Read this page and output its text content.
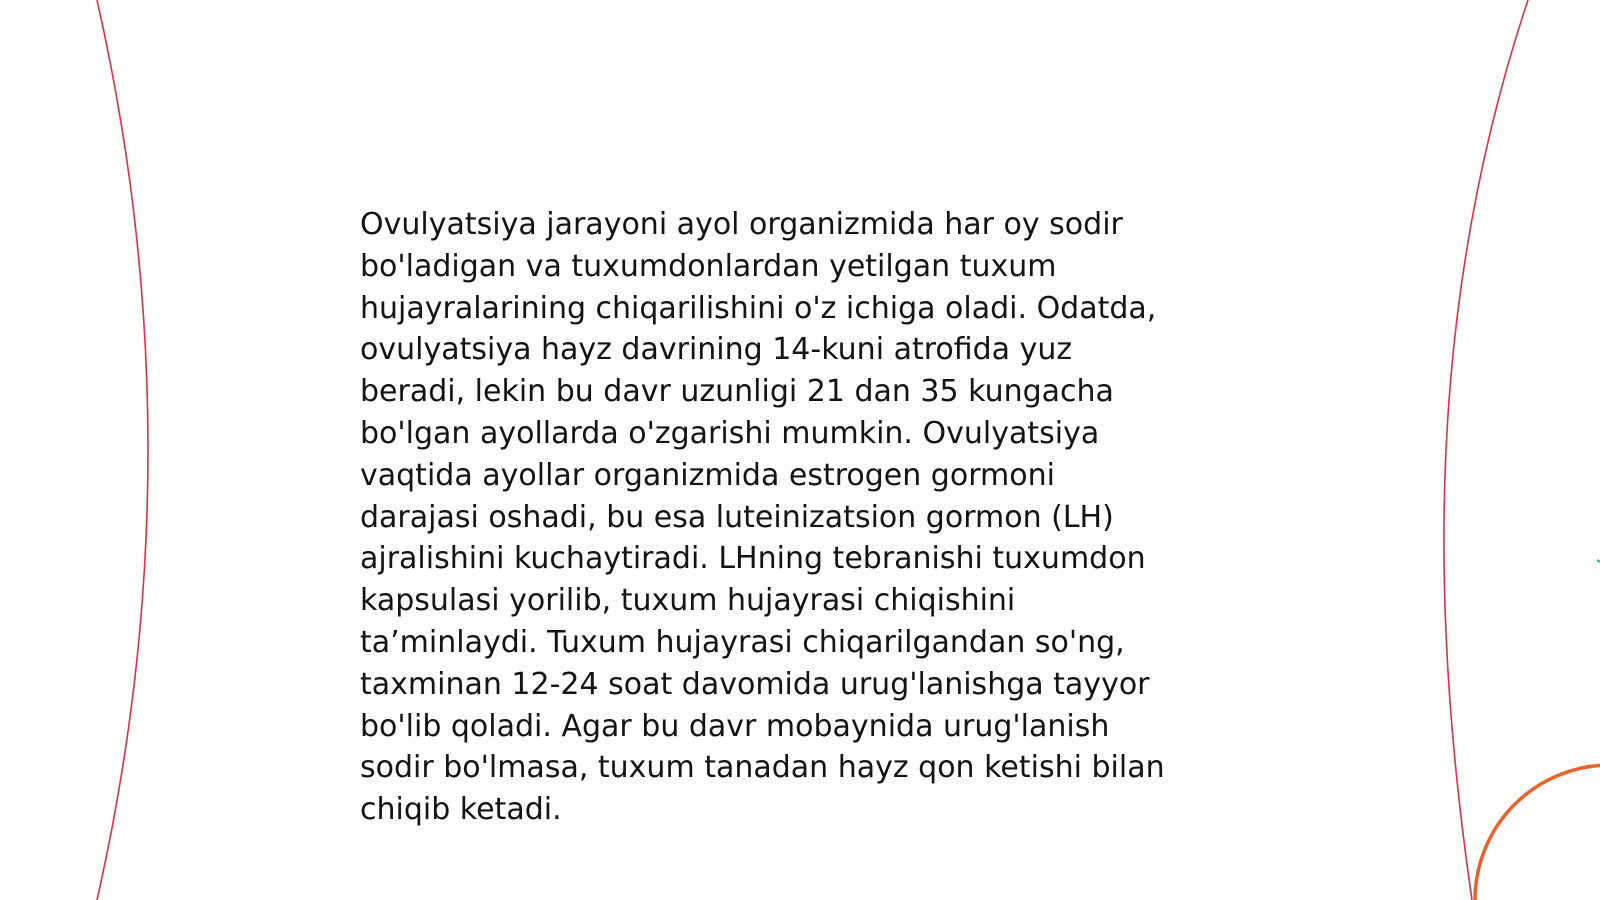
Ovulyatsiya jarayoni ayol organizmida har oy sodir
bo'ladigan va tuxumdonlardan yetilgan tuxum
hujayralarining chiqarilishini o'z ichiga oladi. Odatda,
ovulyatsiya hayz davrining 14-kuni atrofida yuz
beradi, lekin bu davr uzunligi 21 dan 35 kungacha
bo'lgan ayollarda o'zgarishi mumkin. Ovulyatsiya
vaqtida ayollar organizmida estrogen gormoni
darajasi oshadi, bu esa luteinizatsion gormon (LH)
ajralishini kuchaytiradi. LHning tebranishi tuxumdon
kapsulasi yorilib, tuxum hujayrasi chiqishini
ta’minlaydi. Tuxum hujayrasi chiqarilgandan so'ng,
taxminan 12-24 soat davomida urug'lanishga tayyor
bo'lib qoladi. Agar bu davr mobaynida urug'lanish
sodir bo'lmasa, tuxum tanadan hayz qon ketishi bilan
chiqib ketadi.
